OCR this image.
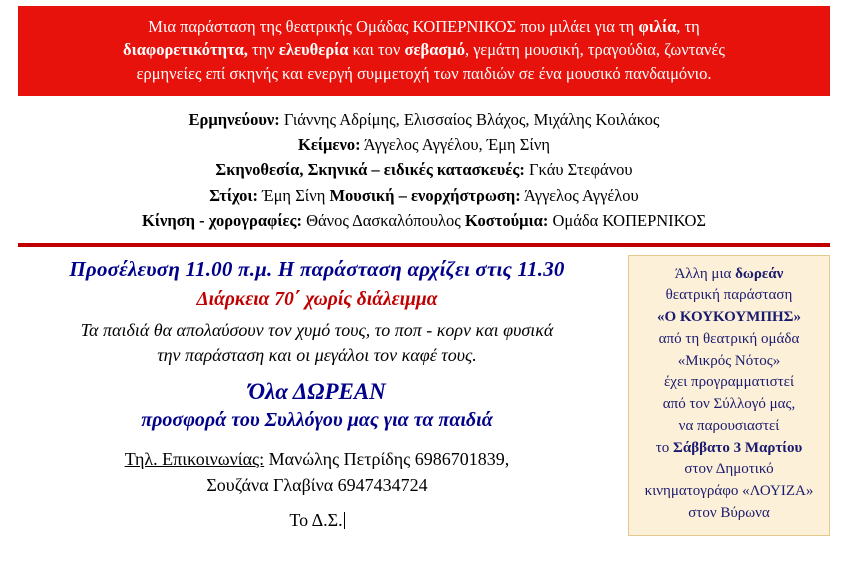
Μια παράσταση της θεατρικής Ομάδας ΚΟΠΕΡΝΙΚΟΣ που μιλάει για τη φιλία, τη
διαφορετικότητα, την ελευθερία και τον σεβασμό, γεμάτη μουσική, τραγούδια, ζωντανές
ερμηνείες επί σκηνής και ενεργή συμμετοχή των παιδιών σε ένα μουσικό πανδαιμόνιο.
Ερμηνεύουν: Γιάννης Αδρίμης, Ελισσαίος Βλάχος, Μιχάλης Κοιλάκος
Κείμενο: Άγγελος Αγγέλου, Έμη Σίνη
Σκηνοθεσία, Σκηνικά – ειδικές κατασκευές: Γκάυ Στεφάνου
Στίχοι: Έμη Σίνη Μουσική – ενορχήστρωση: Άγγελος Αγγέλου
Κίνηση - χορογραφίες: Θάνος Δασκαλόπουλος Κοστούμια: Ομάδα ΚΟΠΕΡΝΙΚΟΣ
Προσέλευση 11.00 π.μ. Η παράσταση αρχίζει στις 11.30
Διάρκεια 70΄ χωρίς διάλειμμα
Τα παιδιά θα απολαύσουν τον χυμό τους, το ποπ - κορν και φυσικά
την παράσταση και οι μεγάλοι τον καφέ τους.
Όλα ΔΩΡΕΑΝ
προσφορά του Συλλόγου μας για τα παιδιά
Τηλ. Επικοινωνίας: Μανώλης Πετρίδης 6986701839,
Σουζάνα Γλαβίνα 6947434724
Το Δ.Σ.
Άλλη μια δωρεάν
θεατρική παράσταση
«Ο ΚΟΥΚΟΥΜΠΗΣ»
από τη θεατρική ομάδα
«Μικρός Νότος»
έχει προγραμματιστεί
από τον Σύλλογό μας,
να παρουσιαστεί
το Σάββατο 3 Μαρτίου
στον Δημοτικό
κινηματογράφο «ΛΟΥΙΖΑ»
στον Βύρωνα
